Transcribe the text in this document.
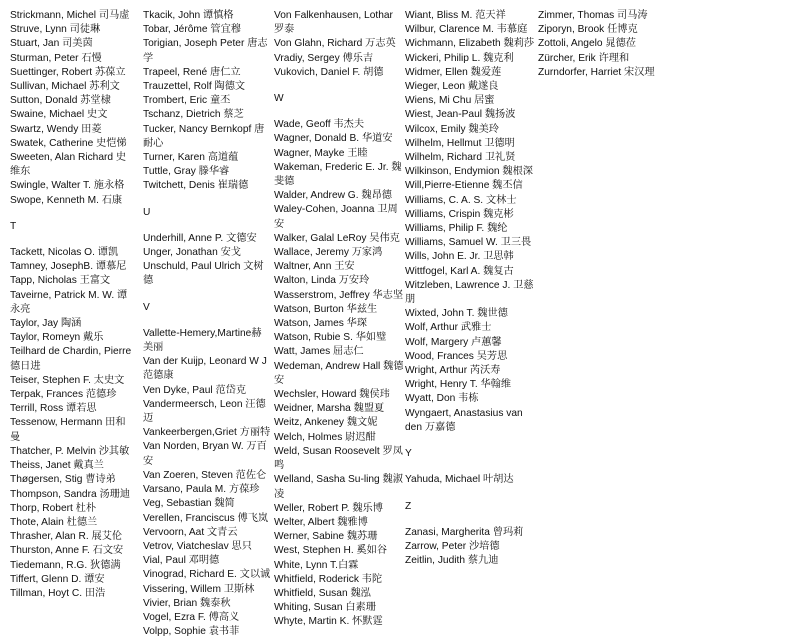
Strickmann, Michel 司马虚
Struve, Lynn 司徒琳
Stuart, Jan 司美茵
Sturman, Peter 石慢
Suettinger, Robert 苏葆立
Sullivan, Michael 苏利文
Sutton, Donald 苏堂棣
Swaine, Michael 史文
Swartz, Wendy 田菱
Swatek, Catherine 史恺悌
Sweeten, Alan Richard 史维东
Swingle, Walter T. 施永格
Swope, Kenneth M. 石康
T
Tackett, Nicolas O. 谭凯
Tamney, JosephB. 谭慕尼
Tapp, Nicholas 王富文
Taveirne, Patrick M. W. 谭永亮
Taylor, Jay 陶涵
Taylor, Romeyn 戴乐
Teilhard de Chardin, Pierre 德日进
Teiser, Stephen F. 太史文
Terpak, Frances 范德珍
Terrill, Ross 谭若思
Tessenow, Hermann 田和曼
Thatcher, P. Melvin 沙其敏
Theiss, Janet 戴真兰
Thøgersen, Stig 曹诗弟
Thompson, Sandra 汤珊迪
Thorp, Robert 杜朴
Thote, Alain 杜德兰
Thrasher, Alan R. 展艾伦
Thurston, Anne F. 石文安
Tiedemann, R.G. 狄德满
Tiffert, Glenn D. 谭安
Tillman, Hoyt C. 田浩
Tkacik, John 谭慎格
Tobar, Jérôme 管宜穆
Torigian, Joseph Peter 唐志学
Trapeel, René 唐仁立
Trauzettel, Rolf 陶德文
Trombert, Eric 童丕
Tschanz, Dietrich 蔡芝
Tucker, Nancy Bernkopf 唐耐心
Turner, Karen 高道蕴
Tuttle, Gray 滕华睿
Twitchett, Denis 崔瑞德
U
Underhill, Anne P. 文德安
Unger, Jonathan 安戈
Unschuld, Paul Ulrich 文树德
V
Vallette-Hemery,Martine赫美丽
Van der Kuijp, Leonard W J 范德康
Ven Dyke, Paul 范岱克
Vandermeersch, Leon 汪德迈
Vankeerbergen,Griet 方丽特
Van Norden, Bryan W. 万百安
Van Zoeren, Steven 范佐仑
Varsano, Paula M. 方葆珍
Veg, Sebastian 魏简
Verellen, Franciscus 傅飞岚
Vervoorn, Aat 文青云
Vetrov, Viatcheslav 思只
Vial, Paul 邓明德
Vinograd, Richard E. 文以诚
Vissering, Willem 卫斯林
Vivier, Brian 魏泰秋
Vogel, Ezra F. 傅高义
Volpp, Sophie 袁书菲
Von Falkenhausen, Lothar 罗泰
Von Glahn, Richard 万志英
Vradiy, Sergey 傅乐吉
Vukovich, Daniel F. 胡德
W
Wade, Geoff 韦杰夫
Wagner, Donald B. 华道安
Wagner, Mayke 王睦
Wakeman, Frederic E. Jr. 魏斐德
Walder, Andrew G. 魏昂德
Waley-Cohen, Joanna 卫周安
Walker, Galal LeRoy 吴伟克
Wallace, Jeremy 万家鸿
Waltner, Ann 王安
Walton, Linda 万安玲
Wasserstrom, Jeffrey 华志坚
Watson, Burton 华兹生
Watson, James 华琛
Watson, Rubie S. 华如璧
Watt, James 屈志仁
Wedeman, Andrew Hall 魏德安
Wechsler, Howard 魏侯玮
Weidner, Marsha 魏盟夏
Weitz, Ankeney 魏文妮
Welch, Holmes 尉迟酣
Weld, Susan Roosevelt 罗凤鸣
Welland, Sasha Su-ling 魏淑凌
Weller, Robert P. 魏乐博
Welter, Albert 魏雅博
Werner, Sabine 魏苏珊
West, Stephen H. 奚如谷
White, Lynn T.白霖
Whitfield, Roderick 韦陀
Whitfield, Susan 魏泓
Whiting, Susan 白素珊
Whyte, Martin K. 怀默霆
Wiant, Bliss M. 范天祥
Wilbur, Clarence M. 韦慕庭
Wichmann, Elizabeth 魏莉莎
Wickeri, Philip L. 魏克利
Widmer, Ellen 魏爱莲
Wieger, Leon 戴遂良
Wiens, Mi Chu 居蜜
Wiest, Jean-Paul 魏扬波
Wilcox, Emily 魏美玲
Wilhelm, Hellmut 卫德明
Wilhelm, Richard 卫礼贤
Wilkinson, Endymion 魏根深
Will,Pierre-Etienne 魏丕信
Williams, C. A. S. 文林士
Williams, Crispin 魏克彬
Williams, Philip F. 魏纶
Williams, Samuel W. 卫三畏
Wills, John E. Jr. 卫思韩
Wittfogel, Karl A. 魏复古
Witzleben, Lawrence J. 卫慈朋
Wixted, John T. 魏世德
Wolf, Arthur 武雅士
Wolf, Margery 卢蕙馨
Wood, Frances 吴芳思
Wright, Arthur 芮沃寿
Wright, Henry T. 华翰维
Wyatt, Don 韦栋
Wyngaert, Anastasius van den 万嘉德
Y
Yahuda, Michael 叶胡达
Z
Zanasi, Margherita 曾玛莉
Zarrow, Peter 沙培德
Zeitlin, Judith 蔡九迪
Zimmer, Thomas 司马涛
Ziporyn, Brook 任博克
Zottoli, Angelo 晁德莅
Zürcher, Erik 许理和
Zurndorfer, Harriet 宋汉理
